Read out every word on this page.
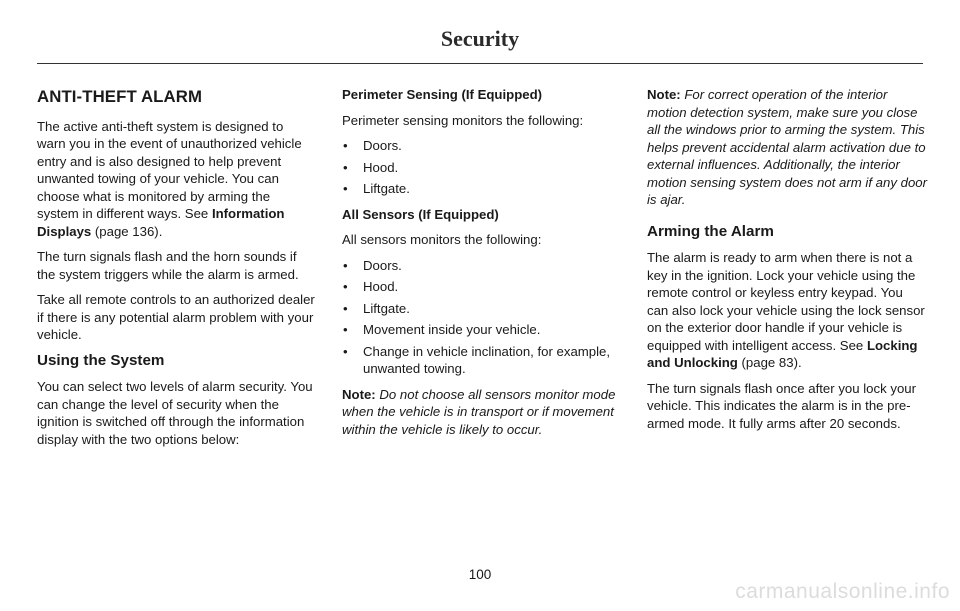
Security
ANTI-THEFT ALARM

The active anti-theft system is designed to warn you in the event of unauthorized vehicle entry and is also designed to help prevent unwanted towing of your vehicle. You can choose what is monitored by arming the system in different ways. See Information Displays (page 136).

The turn signals flash and the horn sounds if the system triggers while the alarm is armed.

Take all remote controls to an authorized dealer if there is any potential alarm problem with your vehicle.

Using the System

You can select two levels of alarm security. You can change the level of security when the ignition is switched off through the information display with the two options below:

Perimeter Sensing (If Equipped)

Perimeter sensing monitors the following:

• Doors.
• Hood.
• Liftgate.
All Sensors (If Equipped)

All sensors monitors the following:

• Doors.
• Hood.
• Liftgate.
• Movement inside your vehicle.
• Change in vehicle inclination, for example, unwanted towing.

Note: Do not choose all sensors monitor mode when the vehicle is in transport or if movement within the vehicle is likely to occur.

Note: For correct operation of the interior motion detection system, make sure you close all the windows prior to arming the system. This helps prevent accidental alarm activation due to external influences. Additionally, the interior motion sensing system does not arm if any door is ajar.

Arming the Alarm

The alarm is ready to arm when there is not a key in the ignition. Lock your vehicle using the remote control or keyless entry keypad. You can also lock your vehicle using the lock sensor on the exterior door handle if your vehicle is equipped with intelligent access. See Locking and Unlocking (page 83).

The turn signals flash once after you lock your vehicle. This indicates the alarm is in the pre-armed mode. It fully arms after 20 seconds.

100
carmanualsonline.info
